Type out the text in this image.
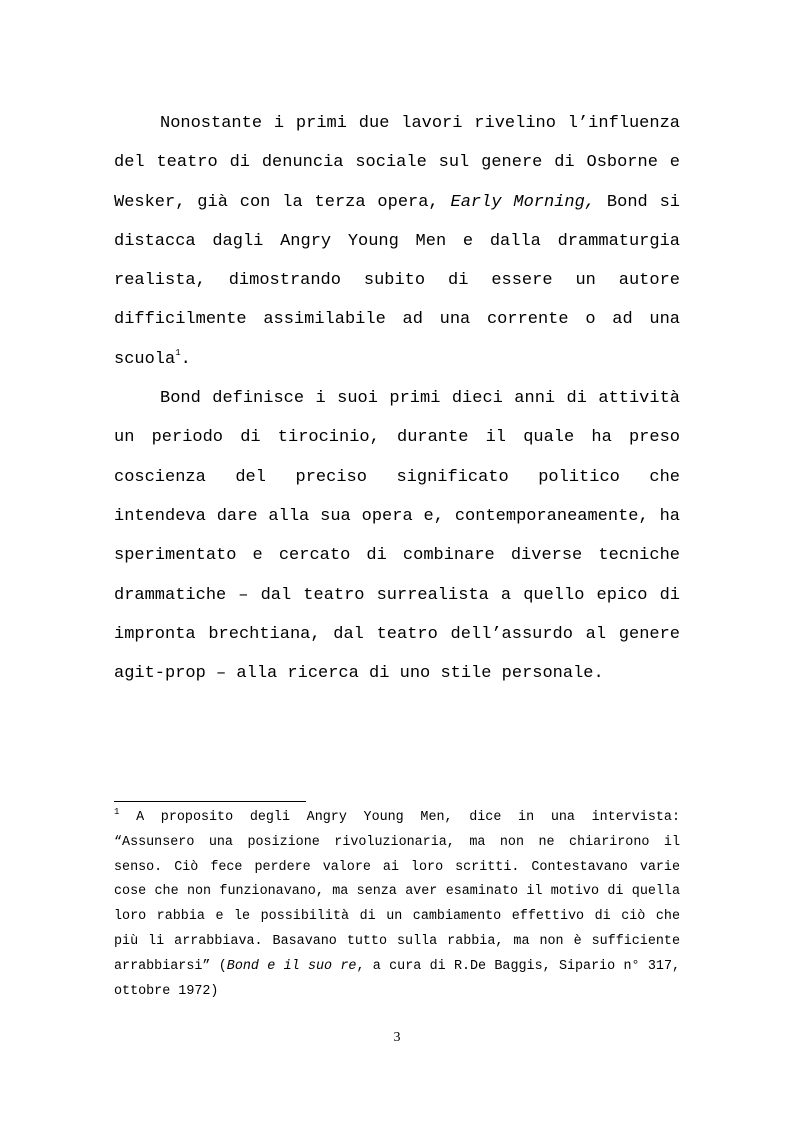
Nonostante i primi due lavori rivelino l’influenza del teatro di denuncia sociale sul genere di Osborne e Wesker, già con la terza opera, Early Morning, Bond si distacca dagli Angry Young Men e dalla drammaturgia realista, dimostrando subito di essere un autore difficilmente assimilabile ad una corrente o ad una scuola$^1$.

Bond definisce i suoi primi dieci anni di attività un periodo di tirocinio, durante il quale ha preso coscienza del preciso significato politico che intendeva dare alla sua opera e, contemporaneamente, ha sperimentato e cercato di combinare diverse tecniche drammatiche – dal teatro surrealista a quello epico di impronta brechtiana, dal teatro dell’assurdo al genere agit-prop – alla ricerca di uno stile personale.

$^1$ A proposito degli Angry Young Men, dice in una intervista: “Assunsero una posizione rivoluzionaria, ma non ne chiarirono il senso. Ciò fece perdere valore ai loro scritti. Contestavano varie cose che non funzionavano, ma senza aver esaminato il motivo di quella loro rabbia e le possibilità di un cambiamento effettivo di ciò che più li arrabbiava. Basavano tutto sulla rabbia, ma non è sufficiente arrabbiarsi” (Bond e il suo re, a cura di R.De Baggis, Sipario n° 317, ottobre 1972)

3
